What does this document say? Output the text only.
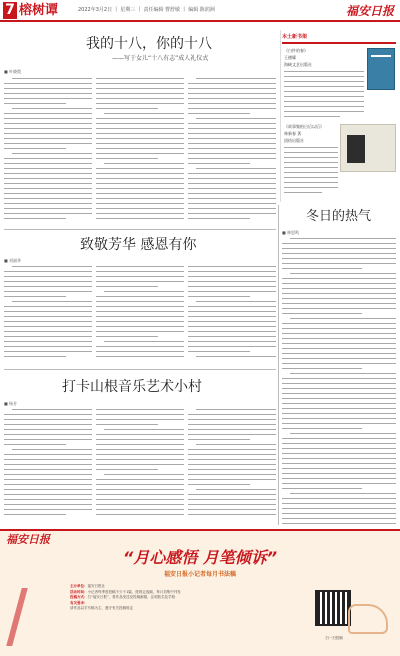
7 榕树谭	2022年3月2日 丨 星期三 丨 责任编辑 曹舒敏 丨 编辑 陈润洲	福安日报
我的十八，你的十八
——写于女儿“十八有志”成人礼仪式
■ 叶晓霞
本土新书架
《白杵的春》
王德耀
海峡文艺出版社
《故事集柏日后以后》
林新春 著
团结出版社
致敬芳华 感恩有你
■ 刘丽华
打卡山根音乐艺术小村
■ 杨芳
冬日的热气
■ 林恩鸣
福安日报
“月心感悟 月笔倾诉”
福安日报小记者每月书法稿
主办单位：福安日报社
活动时间：小记者每季度投稿不少于1篇，按规定选稿，每月初集中刊发
投稿方式：扫“福安日报”，将作品发送至投稿邮箱，注明姓名及学校
有关要求：
请作品以手写稿为主，遵守有关投稿规定
扫一扫投稿
